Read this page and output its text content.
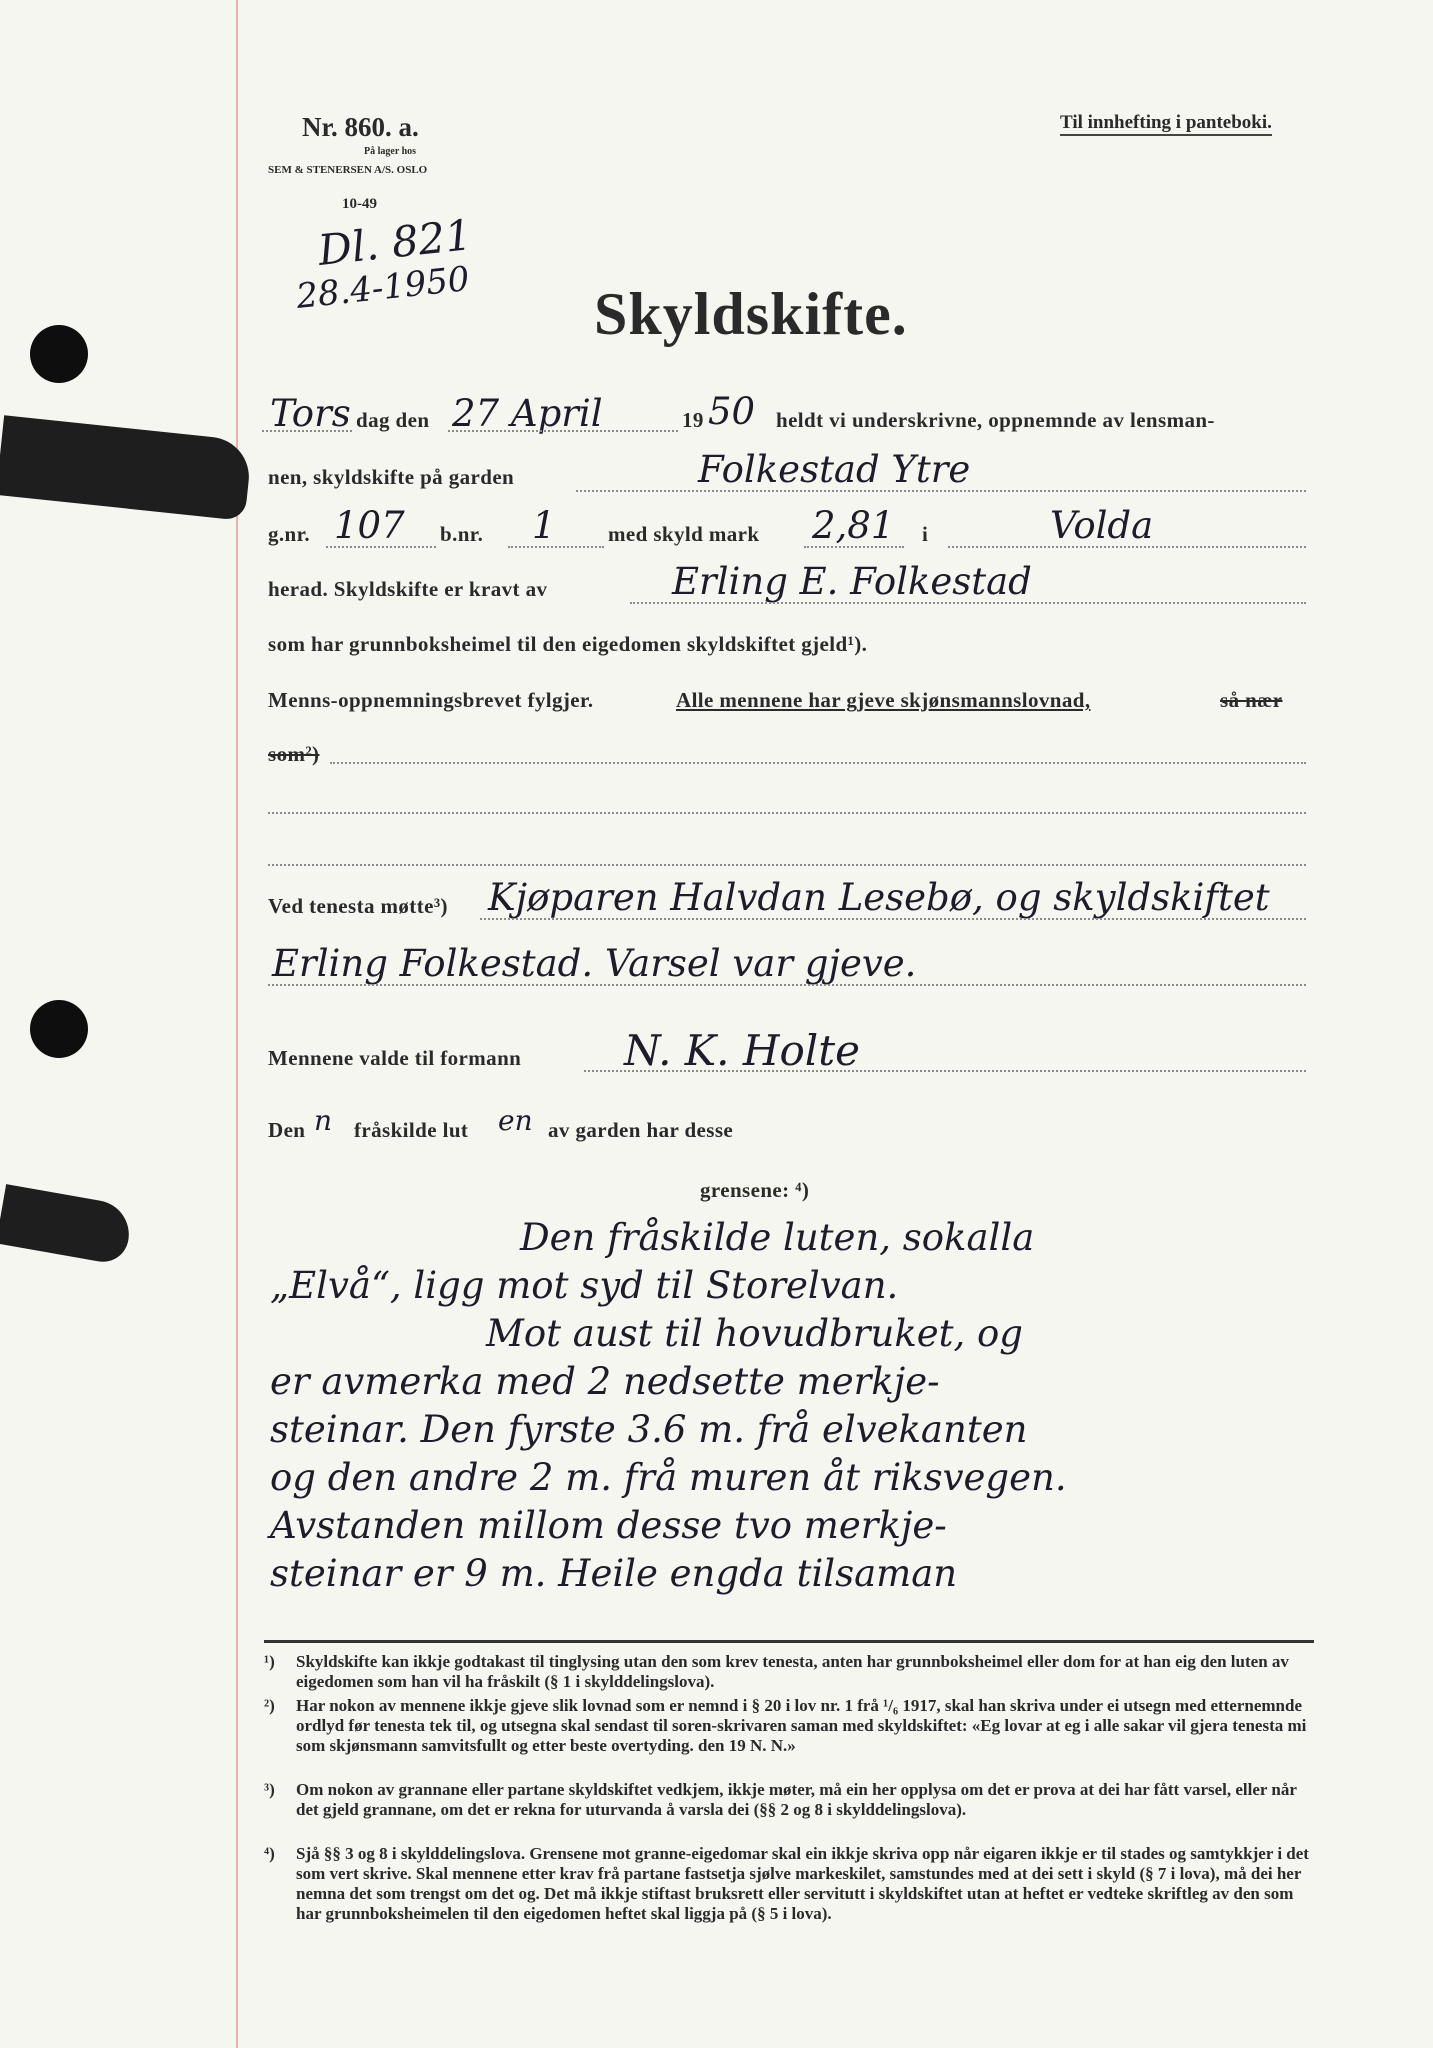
Nr. 860. a.
På lager hos
SEM & STENERSEN A/S. OSLO
10-49
Til innhefting i panteboki.
Dl. 821
28.4-1950 Skyldskifte.
Tors dag den 27 April	19 50 heldt vi underskrivne, oppnemnde av lensman-
nen, skyldskifte på garden	Folkestad Ytre
g.nr. 107 b.nr. 1 med skyld mark 2,81 i	Volda
herad. Skyldskifte er kravt av	Erling E. Folkestad
som har grunnboksheimel til den eigedomen skyldskiftet gjeld¹).
Menns-oppnemningsbrevet fylgjer.	Alle mennene har gjeve skjønsmannslovnad,	så nær
som²)
Ved tenesta møtte³) Kjøparen Halvdan Lesebø, og skyldskiftet
Erling Folkestad. Varsel var gjeve.
Mennene valde til formann N. K. Holte
Den n fråskilde lut en av garden har desse
grensene: ⁴)
Den fråskilde luten, sokalla
„Elvå“, ligg mot syd til Storelvan.
Mot aust til hovudbruket, og
er avmerka med 2 nedsette merkje-
steinar. Den fyrste 3.6 m. frå elvekanten
og den andre 2 m. frå muren åt riksvegen.
Avstanden millom desse tvo merkje-
steinar er 9 m. Heile engda tilsaman
¹) Skyldskifte kan ikkje godtakast til tinglysing utan den som krev tenesta, anten har grunnboksheimel eller dom for at han eig den luten av eigedomen som han vil ha fråskilt (§ 1 i skylddelingslova).
²) Har nokon av mennene ikkje gjeve slik lovnad som er nemnd i § 20 i lov nr. 1 frå ¹/₆ 1917, skal han skriva under ei utsegn med etternemnde ordlyd før tenesta tek til, og utsegna skal sendast til soren-skrivaren saman med skyldskiftet: «Eg lovar at eg i alle sakar vil gjera tenesta mi som skjønsmann samvitsfullt og etter beste overtyding. den 19 N. N.»
³) Om nokon av grannane eller partane skyldskiftet vedkjem, ikkje møter, må ein her opplysa om det er prova at dei har fått varsel, eller når det gjeld grannane, om det er rekna for uturvanda å varsla dei (§§ 2 og 8 i skylddelingslova).
⁴) Sjå §§ 3 og 8 i skylddelingslova. Grensene mot granne-eigedomar skal ein ikkje skriva opp når eigaren ikkje er til stades og samtykkjer i det som vert skrive. Skal mennene etter krav frå partane fastsetja sjølve markeskilet, samstundes med at dei sett i skyld (§ 7 i lova), må dei her nemna det som trengst om det og. Det må ikkje stiftast bruksrett eller servitutt i skyldskiftet utan at heftet er vedteke skriftleg av den som har grunnboksheimelen til den eigedomen heftet skal liggja på (§ 5 i lova).
